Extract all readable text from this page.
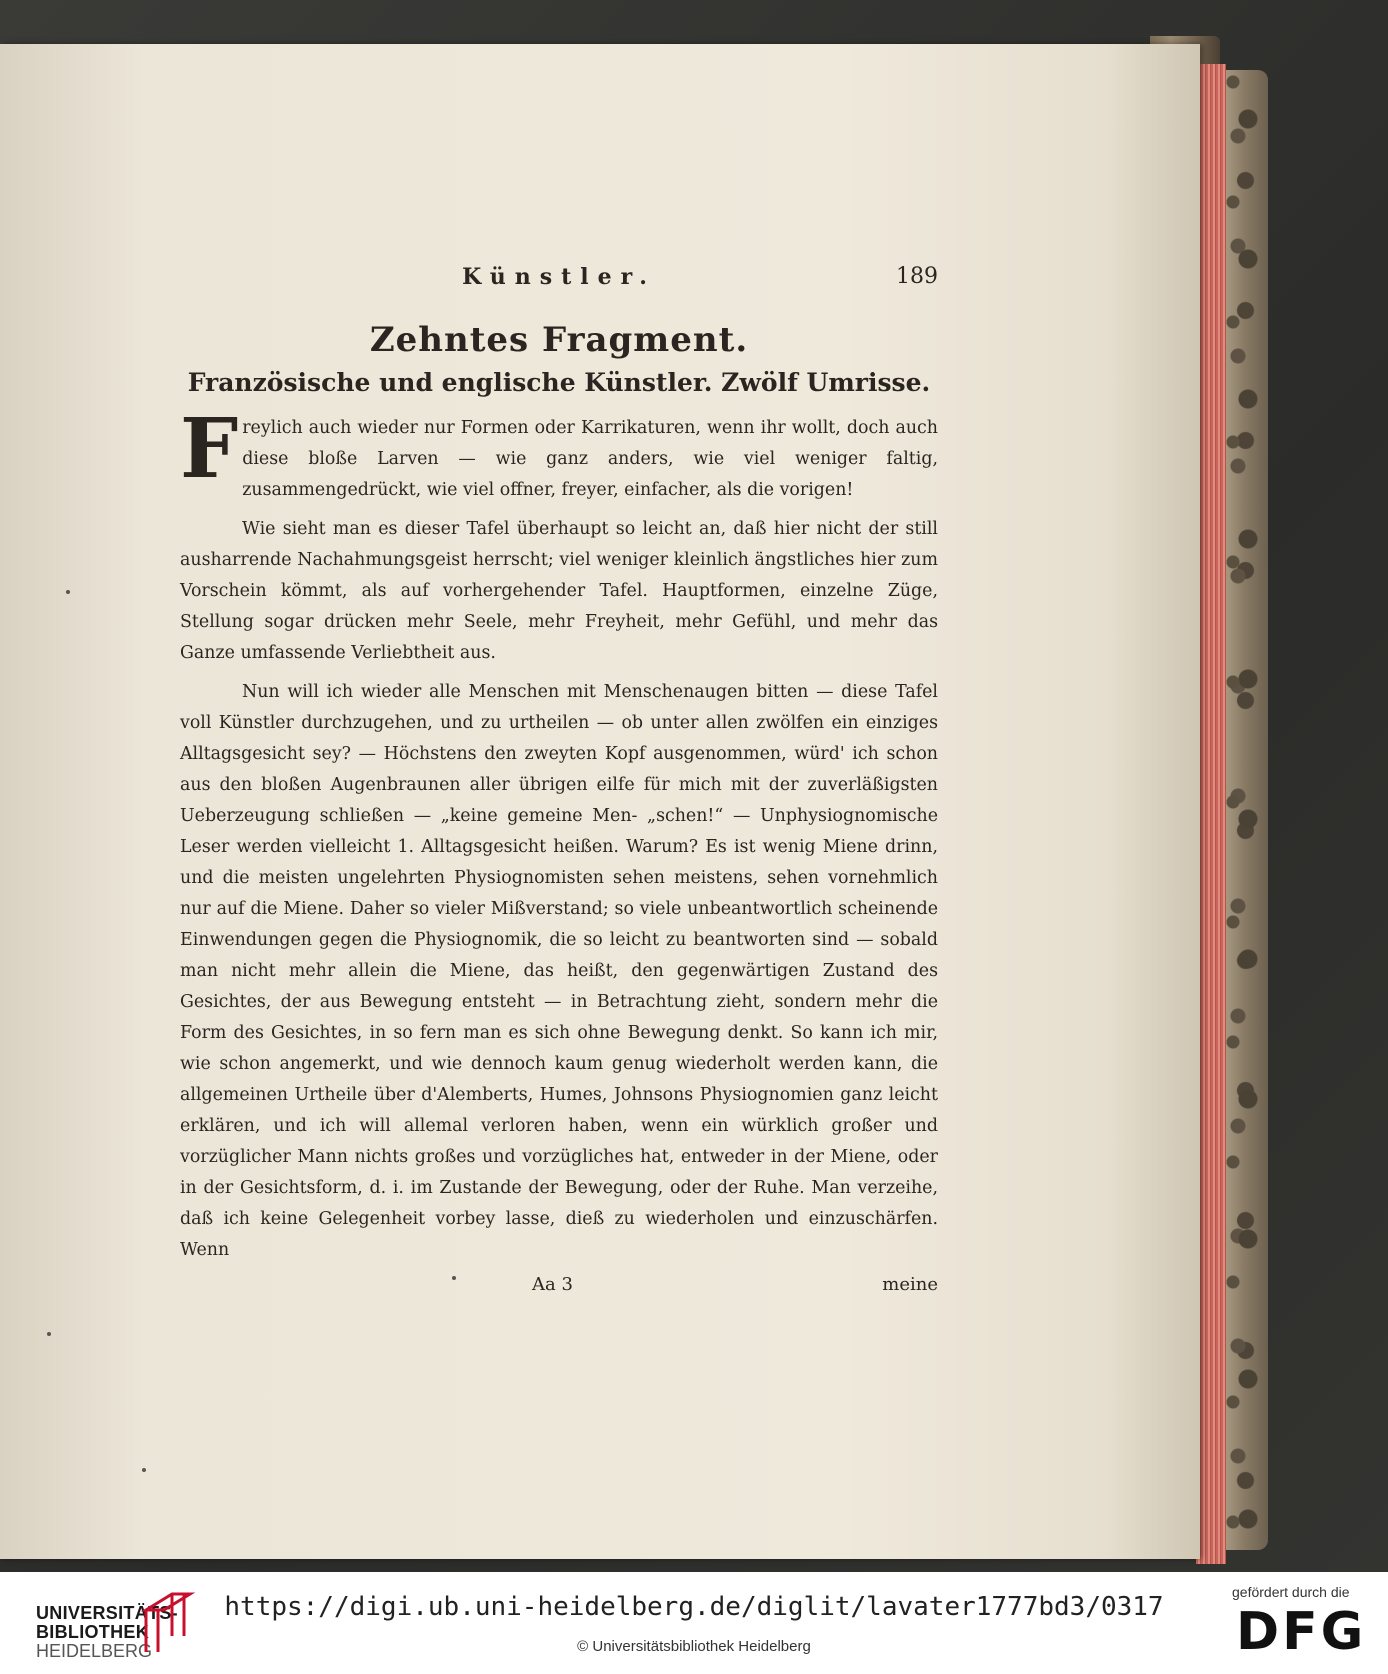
Künstler.	189
Zehntes Fragment.
Französische und englische Künstler. Zwölf Umrisse.

Freylich auch wieder nur Formen oder Karrikaturen, wenn ihr wollt, doch auch diese bloße Larven — wie ganz anders, wie viel weniger faltig, zusammengedrückt, wie viel offner, freyer, einfacher, als die vorigen!

Wie sieht man es dieser Tafel überhaupt so leicht an, daß hier nicht der still ausharrende Nachahmungsgeist herrscht; viel weniger kleinlich ängstliches hier zum Vorschein kömmt, als auf vorhergehender Tafel. Hauptformen, einzelne Züge, Stellung sogar drücken mehr Seele, mehr Freyheit, mehr Gefühl, und mehr das Ganze umfassende Verliebtheit aus.

Nun will ich wieder alle Menschen mit Menschenaugen bitten — diese Tafel voll Künstler durchzugehen, und zu urtheilen — ob unter allen zwölfen ein einziges Alltagsgesicht sey? — Höchstens den zweyten Kopf ausgenommen, würd' ich schon aus den bloßen Augenbraunen aller übrigen eilfe für mich mit der zuverläßigsten Ueberzeugung schließen — „keine gemeine Men- „schen!“ — Unphysiognomische Leser werden vielleicht 1. Alltagsgesicht heißen. Warum? Es ist wenig Miene drinn, und die meisten ungelehrten Physiognomisten sehen meistens, sehen vornehmlich nur auf die Miene. Daher so vieler Mißverstand; so viele unbeantwortlich scheinende Einwendungen gegen die Physiognomik, die so leicht zu beantworten sind — sobald man nicht mehr allein die Miene, das heißt, den gegenwärtigen Zustand des Gesichtes, der aus Bewegung entsteht — in Betrachtung zieht, sondern mehr die Form des Gesichtes, in so fern man es sich ohne Bewegung denkt. So kann ich mir, wie schon angemerkt, und wie dennoch kaum genug wiederholt werden kann, die allgemeinen Urtheile über d'Alemberts, Humes, Johnsons Physiognomien ganz leicht erklären, und ich will allemal verloren haben, wenn ein würklich großer und vorzüglicher Mann nichts großes und vorzügliches hat, entweder in der Miene, oder in der Gesichtsform, d. i. im Zustande der Bewegung, oder der Ruhe. Man verzeihe, daß ich keine Gelegenheit vorbey lasse, dieß zu wiederholen und einzuschärfen. Wenn

Aa 3	meine
UNIVERSITÄTS-
BIBLIOTHEK
HEIDELBERG
https://digi.ub.uni-heidelberg.de/diglit/lavater1777bd3/0317
© Universitätsbibliothek Heidelberg
gefördert durch die
DFG
